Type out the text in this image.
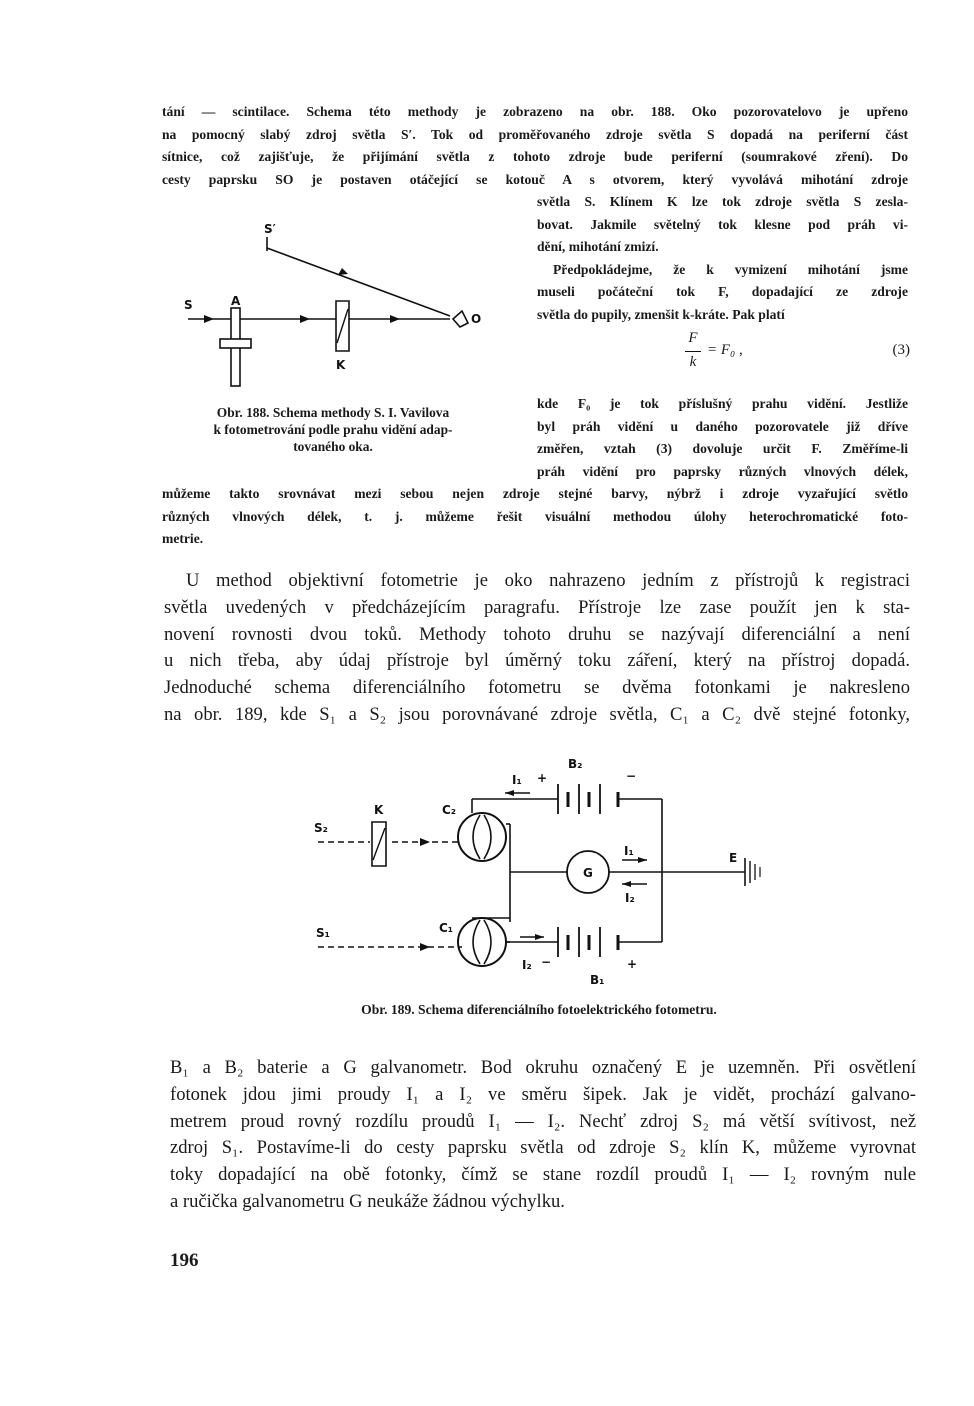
tání — scintilace. Schema této methody je zobrazeno na obr. 188. Oko pozorovatelovo je upřeno
na pomocný slabý zdroj světla S′. Tok od proměřovaného zdroje světla S dopadá na periferní část
sítnice, což zajišťuje, že přijímání světla z tohoto zdroje bude periferní (soumrakové zření). Do
cesty paprsku SO je postaven otáčející se kotouč A s otvorem, který vyvolává mihotání zdroje
světla S. Klínem K lze tok zdroje světla S zesla-
bovat. Jakmile světelný tok klesne pod práh vi-
dění, mihotání zmizí.
Předpokládejme, že k vymizení mihotání jsme
museli počáteční tok F, dopadající ze zdroje
světla do pupily, zmenšit k-kráte. Pak platí
F
k
= F₀ ,	(3)
kde F₀ je tok příslušný prahu vidění. Jestliže
byl práh vidění u daného pozorovatele již dříve
změřen, vztah (3) dovoluje určit F. Změříme-li
práh vidění pro paprsky různých vlnových délek,
S′
S	A
K
O
Obr. 188. Schema methody S. I. Vavilova
k fotometrování podle prahu vidění adap-
tovaného oka.
můžeme takto srovnávat mezi sebou nejen zdroje stejné barvy, nýbrž i zdroje vyzařující světlo
různých vlnových délek, t. j. můžeme řešit visuální methodou úlohy heterochromatické foto-
metrie.
U method objektivní fotometrie je oko nahrazeno jedním z přístrojů k registraci
světla uvedených v předcházejícím paragrafu. Přístroje lze zase použít jen k sta-
novení rovnosti dvou toků. Methody tohoto druhu se nazývají diferenciální a není
u nich třeba, aby údaj přístroje byl úměrný toku záření, který na přístroj dopadá.
Jednoduché schema diferenciálního fotometru se dvěma fotonkami je nakresleno
na obr. 189, kde S₁ a S₂ jsou porovnávané zdroje světla, C₁ a C₂ dvě stejné fotonky,
B₂
I₁ +	−
I₂ −	+
B₁
G
I₁
I₂
E
C₂
C₁
S₂
K
S₁
Obr. 189. Schema diferenciálního fotoelektrického fotometru.
B₁ a B₂ baterie a G galvanometr. Bod okruhu označený E je uzemněn. Při osvětlení
fotonek jdou jimi proudy I₁ a I₂ ve směru šipek. Jak je vidět, prochází galvano-
metrem proud rovný rozdílu proudů I₁ — I₂. Nechť zdroj S₂ má větší svítivost, než
zdroj S₁. Postavíme-li do cesty paprsku světla od zdroje S₂ klín K, můžeme vyrovnat
toky dopadající na obě fotonky, čímž se stane rozdíl proudů I₁ — I₂ rovným nule
a ručička galvanometru G neukáže žádnou výchylku.
196
